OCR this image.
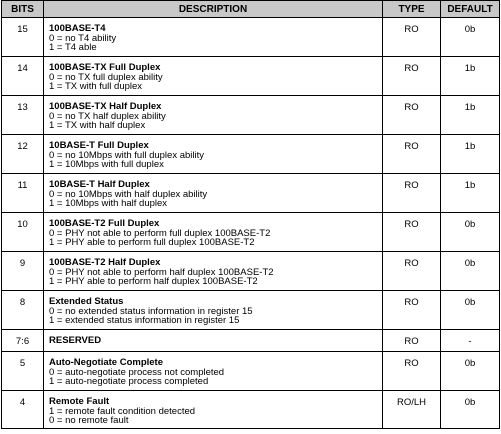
BITS	DESCRIPTION	TYPE	DEFAULT
15	100BASE-T4
0 = no T4 ability
1 = T4 able	RO	0b
14	100BASE-TX Full Duplex
0 = no TX full duplex ability
1 = TX with full duplex	RO	1b
13	100BASE-TX Half Duplex
0 = no TX half duplex ability
1 = TX with half duplex	RO	1b
12	10BASE-T Full Duplex
0 = no 10Mbps with full duplex ability
1 = 10Mbps with full duplex	RO	1b
11	10BASE-T Half Duplex
0 = no 10Mbps with half duplex ability
1 = 10Mbps with half duplex	RO	1b
10	100BASE-T2 Full Duplex
0 = PHY not able to perform full duplex 100BASE-T2
1 = PHY able to perform full duplex 100BASE-T2	RO	0b
9	100BASE-T2 Half Duplex
0 = PHY not able to perform half duplex 100BASE-T2
1 = PHY able to perform half duplex 100BASE-T2	RO	0b
8	Extended Status
0 = no extended status information in register 15
1 = extended status information in register 15	RO	0b
7:6	RESERVED	RO	-
5	Auto-Negotiate Complete
0 = auto-negotiate process not completed
1 = auto-negotiate process completed	RO	0b
4	Remote Fault
1 = remote fault condition detected
0 = no remote fault	RO/LH	0b
